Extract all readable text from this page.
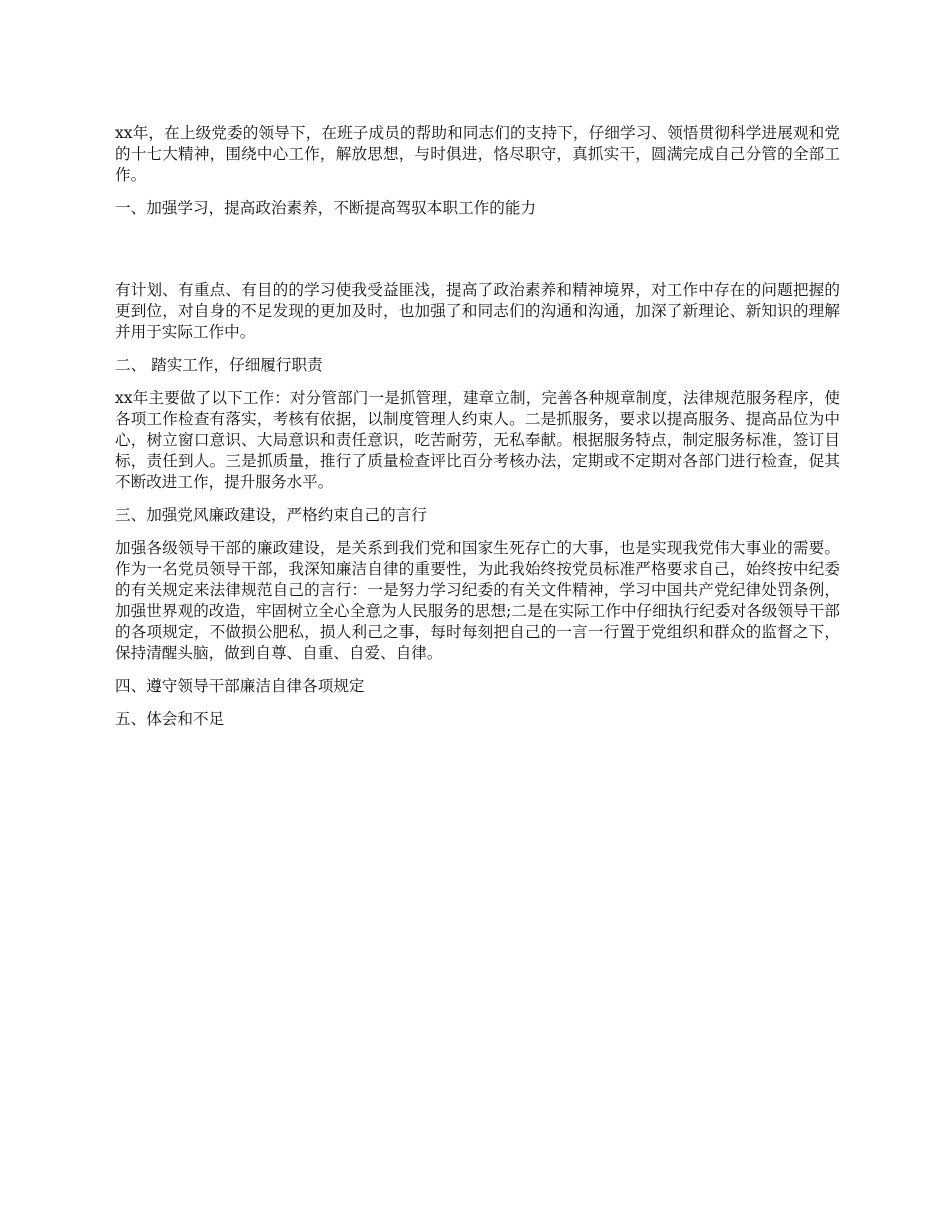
xx年，在上级党委的领导下，在班子成员的帮助和同志们的支持下，仔细学习、领悟贯彻科学进展观和党的十七大精神，围绕中心工作，解放思想，与时俱进，恪尽职守，真抓实干，圆满完成自己分管的全部工作。

一、加强学习，提高政治素养，不断提高驾驭本职工作的能力

有计划、有重点、有目的的学习使我受益匪浅，提高了政治素养和精神境界，对工作中存在的问题把握的更到位，对自身的不足发现的更加及时，也加强了和同志们的沟通和沟通，加深了新理论、新知识的理解并用于实际工作中。

二、 踏实工作，仔细履行职责

xx年主要做了以下工作：对分管部门一是抓管理，建章立制，完善各种规章制度，法律规范服务程序，使各项工作检查有落实，考核有依据，以制度管理人约束人。二是抓服务，要求以提高服务、提高品位为中心，树立窗口意识、大局意识和责任意识，吃苦耐劳，无私奉献。根据服务特点，制定服务标准，签订目标，责任到人。三是抓质量，推行了质量检查评比百分考核办法，定期或不定期对各部门进行检查，促其不断改进工作，提升服务水平。

三、加强党风廉政建设，严格约束自己的言行

加强各级领导干部的廉政建设，是关系到我们党和国家生死存亡的大事，也是实现我党伟大事业的需要。作为一名党员领导干部，我深知廉洁自律的重要性，为此我始终按党员标准严格要求自己，始终按中纪委的有关规定来法律规范自己的言行：一是努力学习纪委的有关文件精神，学习中国共产党纪律处罚条例，加强世界观的改造，牢固树立全心全意为人民服务的思想;二是在实际工作中仔细执行纪委对各级领导干部的各项规定，不做损公肥私，损人利己之事，每时每刻把自己的一言一行置于党组织和群众的监督之下，保持清醒头脑，做到自尊、自重、自爱、自律。

四、遵守领导干部廉洁自律各项规定

五、体会和不足
